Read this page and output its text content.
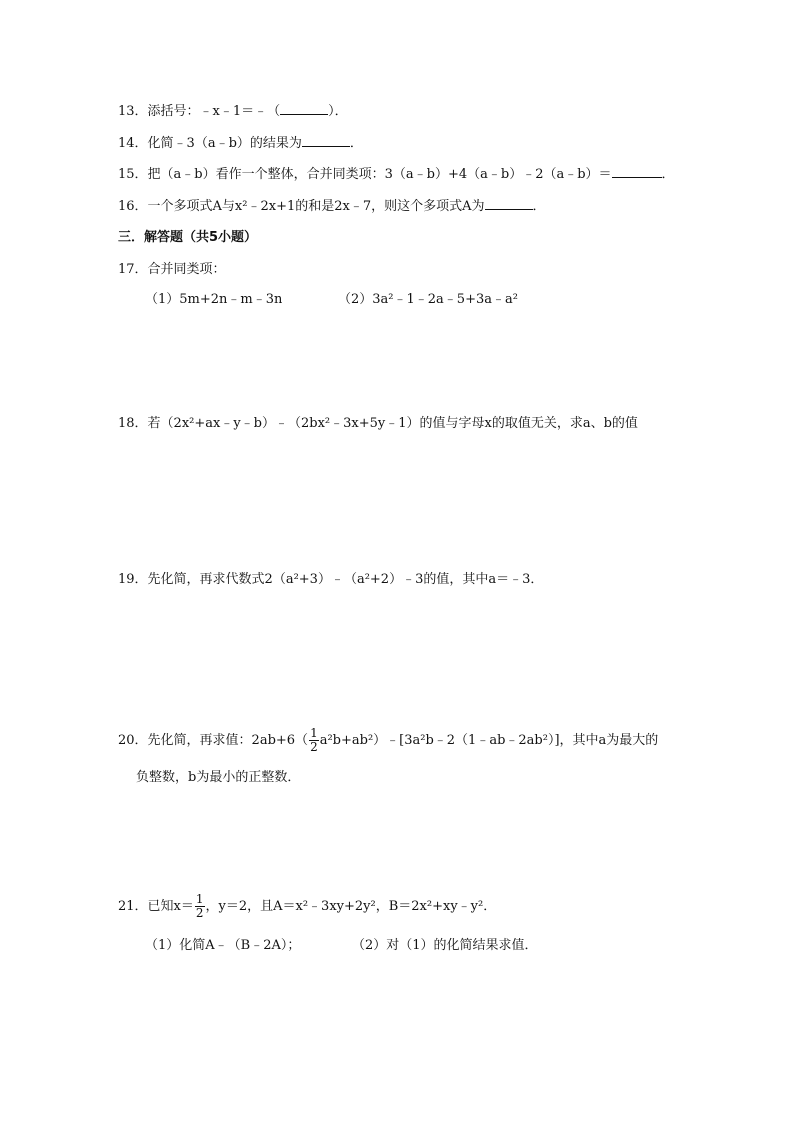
13．添括号：﹣x﹣1＝﹣（	）．
14．化简﹣3（a﹣b）的结果为	．
15．把（a﹣b）看作一个整体，合并同类项：3（a﹣b）+4（a﹣b）﹣2（a﹣b）＝	．
16．一个多项式A与x²﹣2x+1的和是2x﹣7，则这个多项式A为	．
三．解答题（共5小题）
17．合并同类项：
（1）5m+2n﹣m﹣3n	（2）3a²﹣1﹣2a﹣5+3a﹣a²
18．若（2x²+ax﹣y﹣b）﹣（2bx²﹣3x+5y﹣1）的值与字母x的取值无关，求a、b的值
19．先化简，再求代数式2（a²+3）﹣（a²+2）﹣3的值，其中a＝﹣3．
20．先化简，再求值：$2ab+6( \frac{1}{2}$ a²b+ab²）﹣[3a²b﹣2（1﹣ab﹣2ab²）]，其中a为最大的
负整数，b为最小的正整数．
21．已知$x= \frac{1}{2}$ ，y＝2，且A＝x²﹣3xy+2y²，B＝2x²+xy﹣y²．
（1）化简A﹣（B﹣2A）；	（2）对（1）的化简结果求值．
